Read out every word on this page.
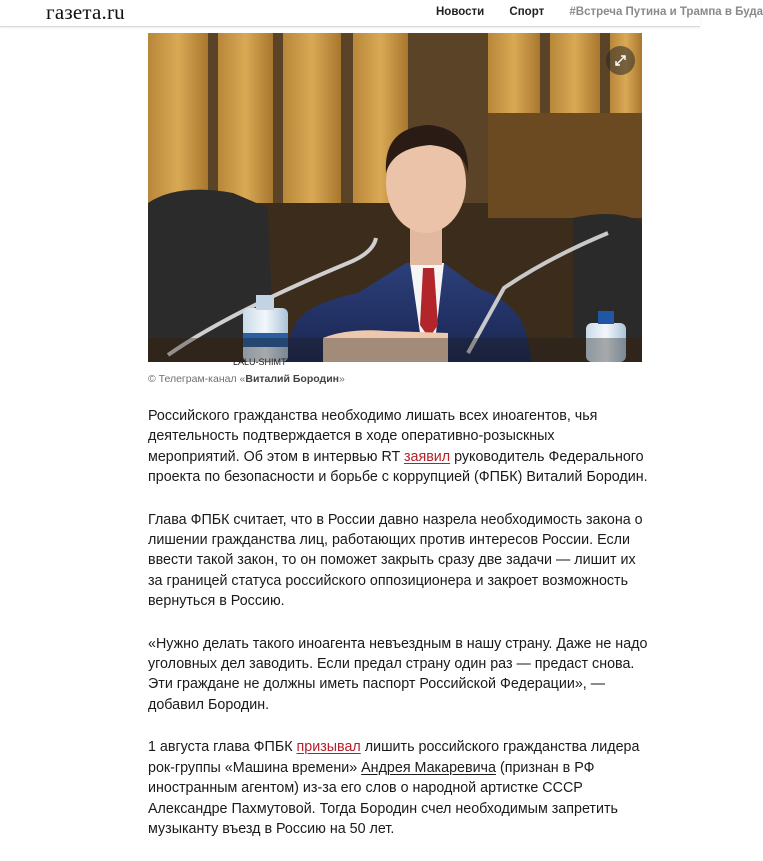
газета.ru	Новости Спорт #Встреча Путина и Трампа в Буда
LALU-SHIMT
© Телеграм-канал «Виталий Бородин»

Российского гражданства необходимо лишать всех иноагентов, чья деятельность подтверждается в ходе оперативно-розыскных мероприятий. Об этом в интервью RT заявил руководитель Федерального проекта по безопасности и борьбе с коррупцией (ФПБК) Виталий Бородин.

Глава ФПБК считает, что в России давно назрела необходимость закона о лишении гражданства лиц, работающих против интересов России. Если ввести такой закон, то он поможет закрыть сразу две задачи — лишит их за границей статуса российского оппозиционера и закроет возможность вернуться в Россию.

«Нужно делать такого иноагента невъездным в нашу страну. Даже не надо уголовных дел заводить. Если предал страну один раз — предаст снова. Эти граждане не должны иметь паспорт Российской Федерации», — добавил Бородин.

1 августа глава ФПБК призывал лишить российского гражданства лидера рок-группы «Машина времени» Андрея Макаревича (признан в РФ иностранным агентом) из-за его слов о народной артистке СССР Александре Пахмутовой. Тогда Бородин счел необходимым запретить музыканту въезд в Россию на 50 лет.
